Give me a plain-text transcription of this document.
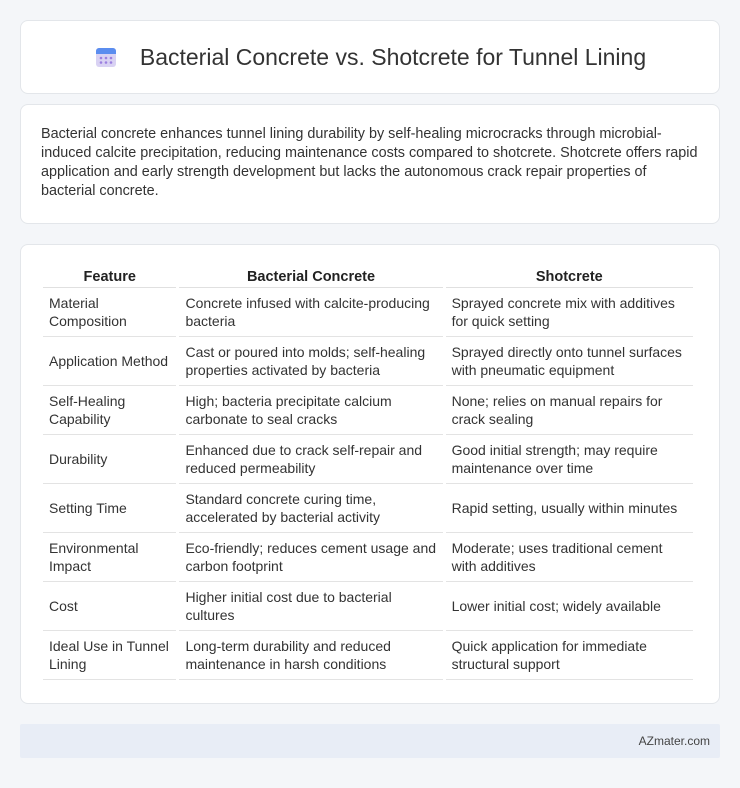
Bacterial Concrete vs. Shotcrete for Tunnel Lining

Bacterial concrete enhances tunnel lining durability by self-healing microcracks through microbial-induced calcite precipitation, reducing maintenance costs compared to shotcrete. Shotcrete offers rapid application and early strength development but lacks the autonomous crack repair properties of bacterial concrete.

Feature	Bacterial Concrete	Shotcrete
Material Composition	Concrete infused with calcite-producing bacteria	Sprayed concrete mix with additives for quick setting
Application Method	Cast or poured into molds; self-healing properties activated by bacteria	Sprayed directly onto tunnel surfaces with pneumatic equipment
Self-Healing Capability	High; bacteria precipitate calcium carbonate to seal cracks	None; relies on manual repairs for crack sealing
Durability	Enhanced due to crack self-repair and reduced permeability	Good initial strength; may require maintenance over time
Setting Time	Standard concrete curing time, accelerated by bacterial activity	Rapid setting, usually within minutes
Environmental Impact	Eco-friendly; reduces cement usage and carbon footprint	Moderate; uses traditional cement with additives
Cost	Higher initial cost due to bacterial cultures	Lower initial cost; widely available
Ideal Use in Tunnel Lining	Long-term durability and reduced maintenance in harsh conditions	Quick application for immediate structural support
AZmater.com
